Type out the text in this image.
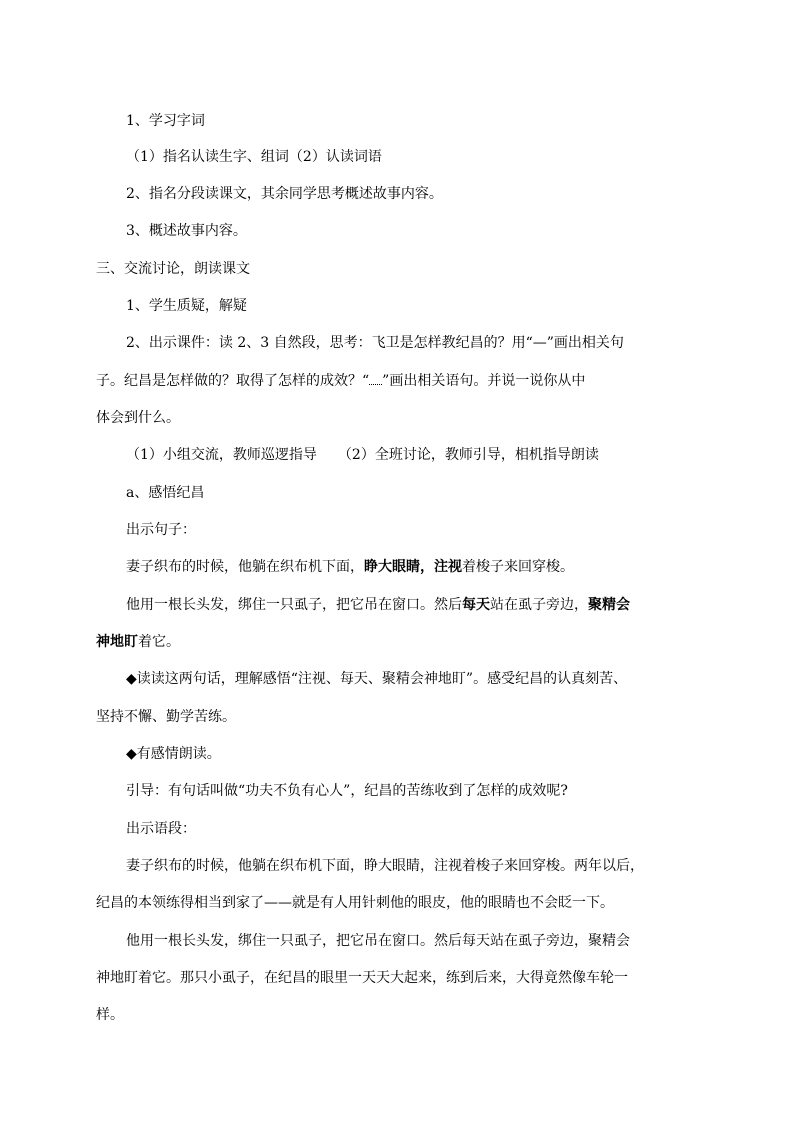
1、学习字词
（1）指名认读生字、组词（2）认读词语
2、指名分段读课文，其余同学思考概述故事内容。
3、概述故事内容。
三、交流讨论，朗读课文
1、学生质疑，解疑
2、出示课件：读 2、3 自然段，思考：飞卫是怎样教纪昌的？用“—”画出相关句
子。纪昌是怎样做的？取得了怎样的成效？“ ”画出相关语句。并说一说你从中
体会到什么。
（1）小组交流，教师巡逻指导　　（2）全班讨论，教师引导，相机指导朗读
a、感悟纪昌
出示句子：
妻子织布的时候，他躺在织布机下面，睁大眼睛，注视着梭子来回穿梭。
他用一根长头发，绑住一只虱子，把它吊在窗口。然后每天站在虱子旁边，聚精会
神地盯着它。
◆读读这两句话，理解感悟“注视、每天、聚精会神地盯”。感受纪昌的认真刻苦、
坚持不懈、勤学苦练。
◆有感情朗读。
引导：有句话叫做“功夫不负有心人”，纪昌的苦练收到了怎样的成效呢?
出示语段：
妻子织布的时候，他躺在织布机下面，睁大眼睛，注视着梭子来回穿梭。两年以后，
纪昌的本领练得相当到家了——就是有人用针刺他的眼皮，他的眼睛也不会眨一下。
他用一根长头发，绑住一只虱子，把它吊在窗口。然后每天站在虱子旁边，聚精会
神地盯着它。那只小虱子，在纪昌的眼里一天天大起来，练到后来，大得竟然像车轮一
样。
